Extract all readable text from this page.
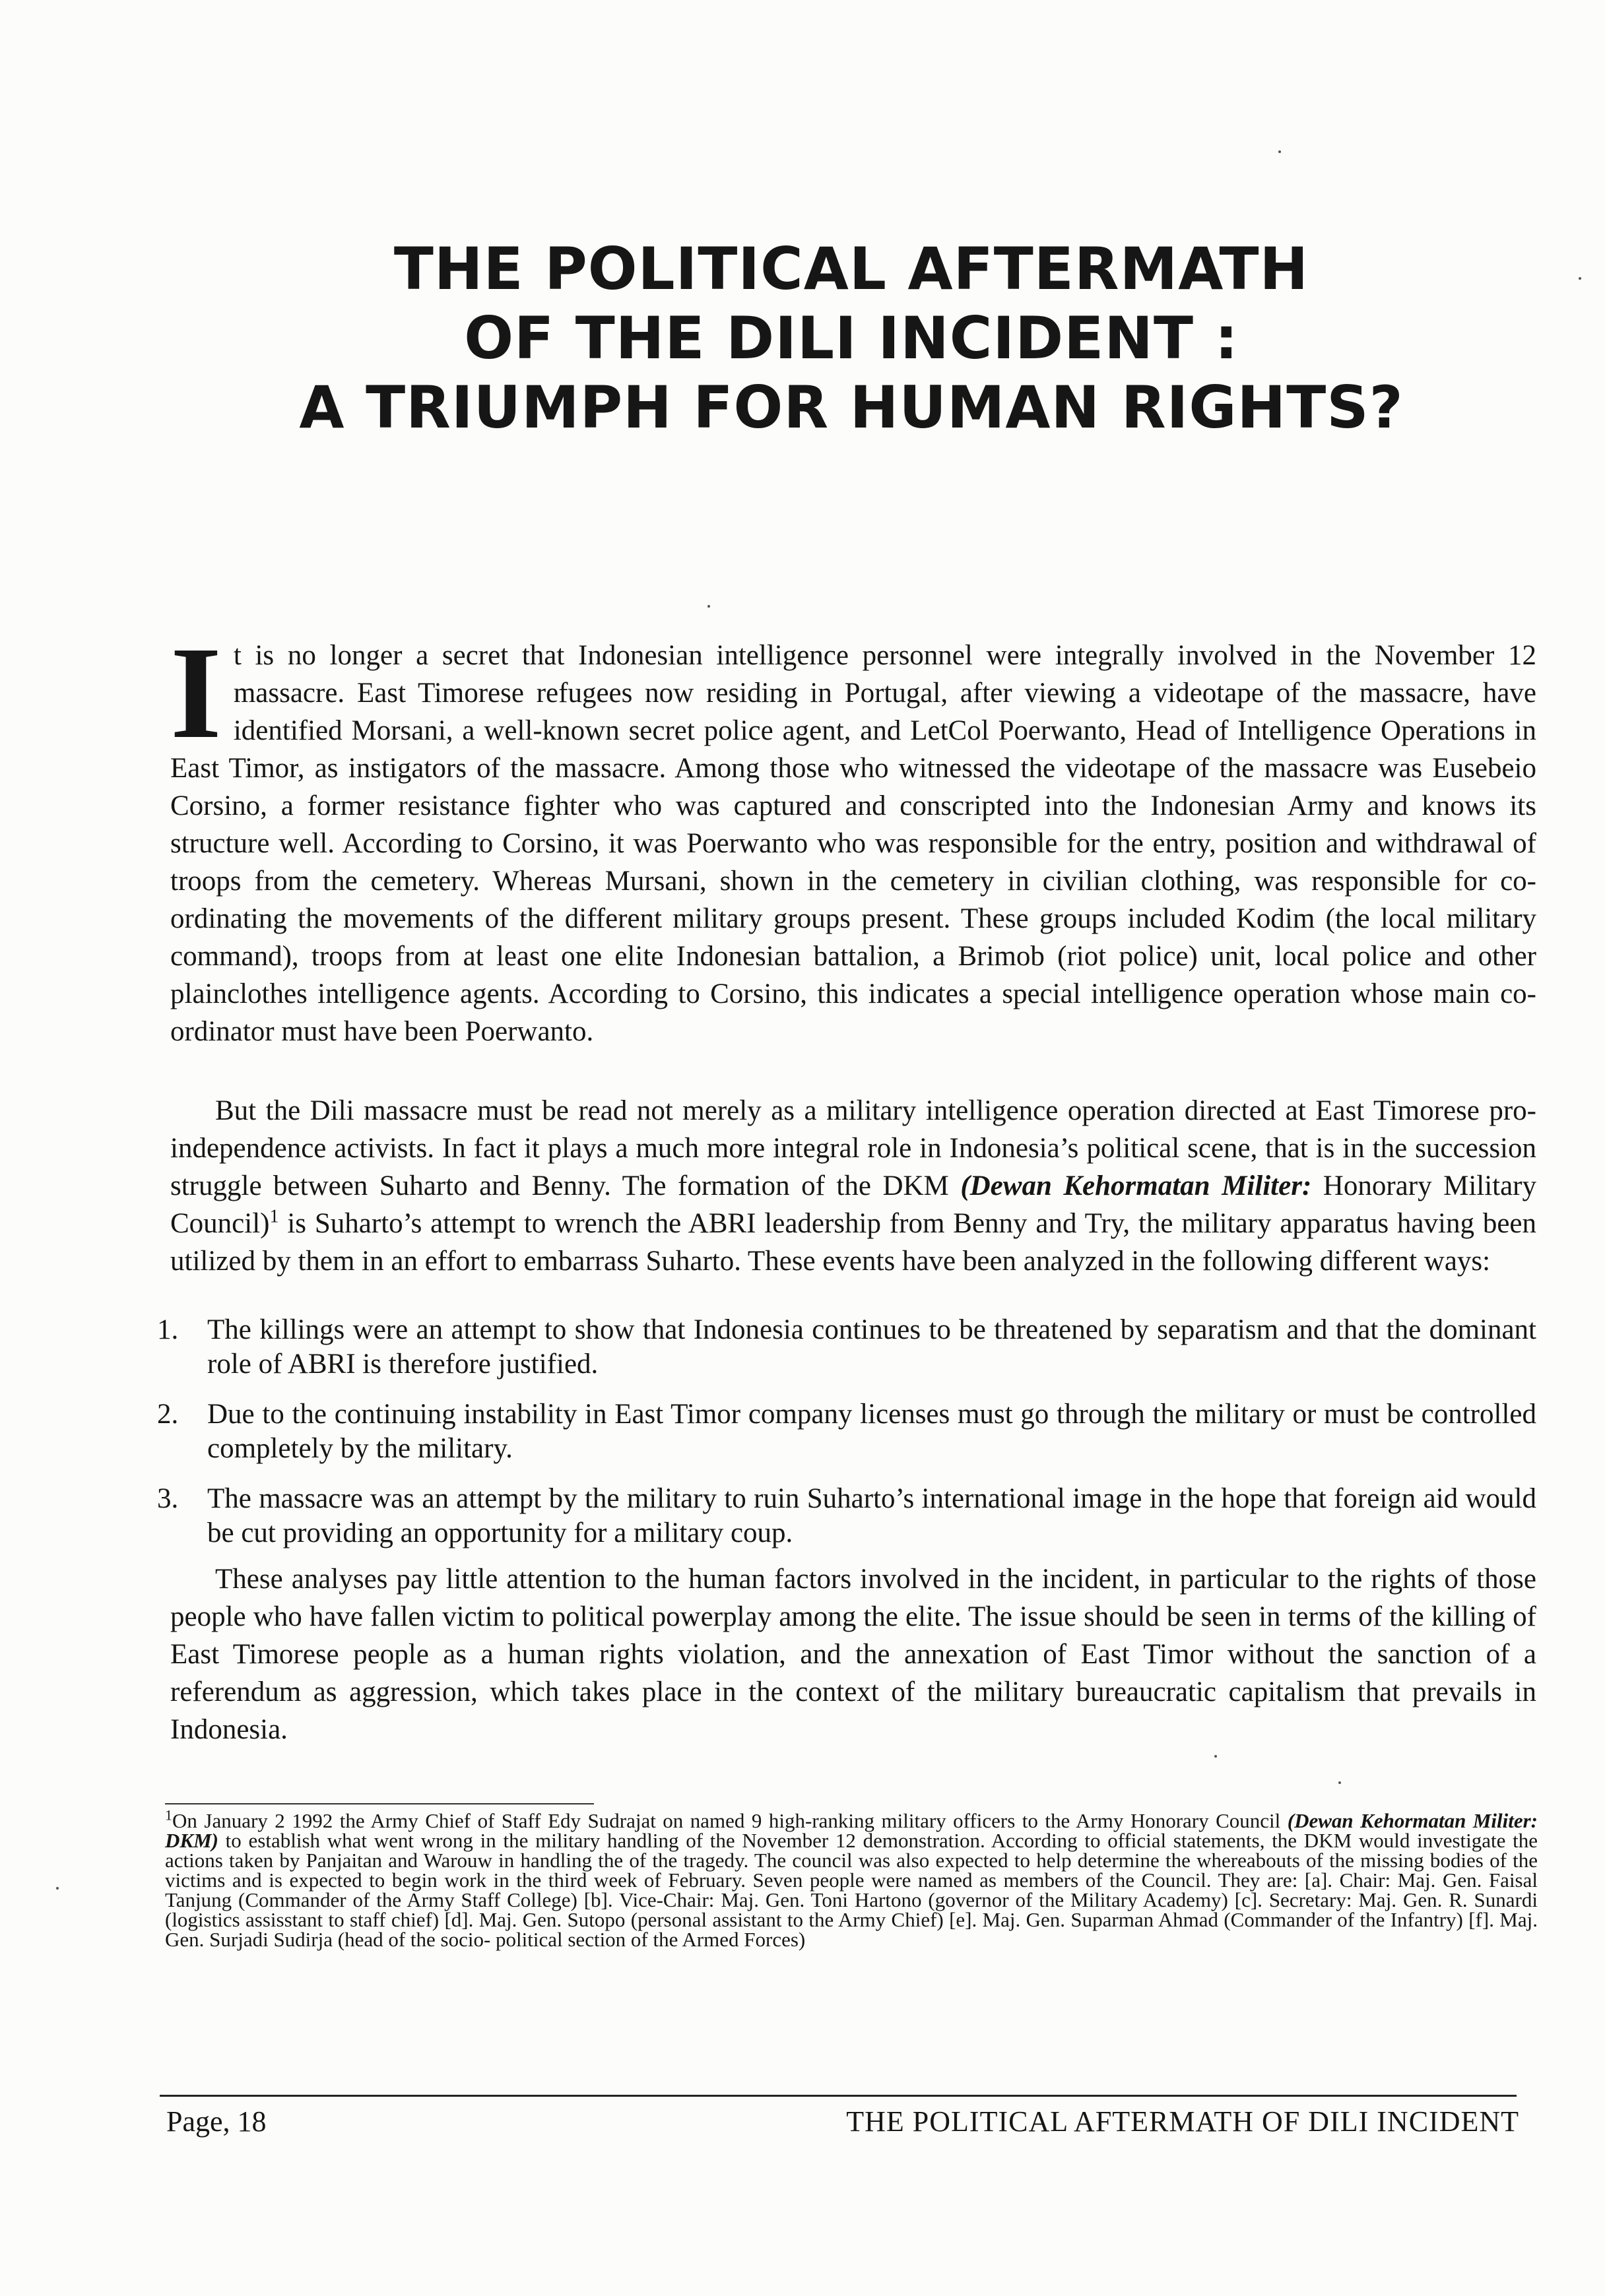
THE POLITICAL AFTERMATH
OF THE DILI INCIDENT :
A TRIUMPH FOR HUMAN RIGHTS?

It is no longer a secret that Indonesian intelligence personnel were integrally involved in the November 12 massacre. East Timorese refugees now residing in Portugal, after viewing a videotape of the massacre, have identified Morsani, a well-known secret police agent, and LetCol Poerwanto, Head of Intelligence Operations in East Timor, as instigators of the massacre. Among those who witnessed the videotape of the massacre was Eusebeio Corsino, a former resistance fighter who was captured and conscripted into the Indonesian Army and knows its structure well. According to Corsino, it was Poerwanto who was responsible for the entry, position and withdrawal of troops from the cemetery. Whereas Mursani, shown in the cemetery in civilian clothing, was responsible for co-ordinating the movements of the different military groups present. These groups included Kodim (the local military command), troops from at least one elite Indonesian battalion, a Brimob (riot police) unit, local police and other plainclothes intelligence agents. According to Corsino, this indicates a special intelligence operation whose main co-ordinator must have been Poerwanto.

But the Dili massacre must be read not merely as a military intelligence operation directed at East Timorese pro-independence activists. In fact it plays a much more integral role in Indonesia’s political scene, that is in the succession struggle between Suharto and Benny. The formation of the DKM (Dewan Kehormatan Militer: Honorary Military Council)$^1$ is Suharto’s attempt to wrench the ABRI leadership from Benny and Try, the military apparatus having been utilized by them in an effort to embarrass Suharto. These events have been analyzed in the following different ways:

1. The killings were an attempt to show that Indonesia continues to be threatened by separatism and that the dominant role of ABRI is therefore justified.
2. Due to the continuing instability in East Timor company licenses must go through the military or must be controlled completely by the military.
3. The massacre was an attempt by the military to ruin Suharto’s international image in the hope that foreign aid would be cut providing an opportunity for a military coup.

These analyses pay little attention to the human factors involved in the incident, in particular to the rights of those people who have fallen victim to political powerplay among the elite. The issue should be seen in terms of the killing of East Timorese people as a human rights violation, and the annexation of East Timor without the sanction of a referendum as aggression, which takes place in the context of the military bureaucratic capitalism that prevails in Indonesia.

$^1$On January 2 1992 the Army Chief of Staff Edy Sudrajat on named 9 high-ranking military officers to the Army Honorary Council (Dewan Kehormatan Militer: DKM) to establish what went wrong in the military handling of the November 12 demonstration. According to official statements, the DKM would investigate the actions taken by Panjaitan and Warouw in handling the of the tragedy. The council was also expected to help determine the whereabouts of the missing bodies of the victims and is expected to begin work in the third week of February. Seven people were named as members of the Council. They are: [a]. Chair: Maj. Gen. Faisal Tanjung (Commander of the Army Staff College) [b]. Vice-Chair: Maj. Gen. Toni Hartono (governor of the Military Academy) [c]. Secretary: Maj. Gen. R. Sunardi (logistics assisstant to staff chief) [d]. Maj. Gen. Sutopo (personal assistant to the Army Chief) [e]. Maj. Gen. Suparman Ahmad (Commander of the Infantry) [f]. Maj. Gen. Surjadi Sudirja (head of the socio- political section of the Armed Forces)

Page, 18	THE POLITICAL AFTERMATH OF DILI INCIDENT
